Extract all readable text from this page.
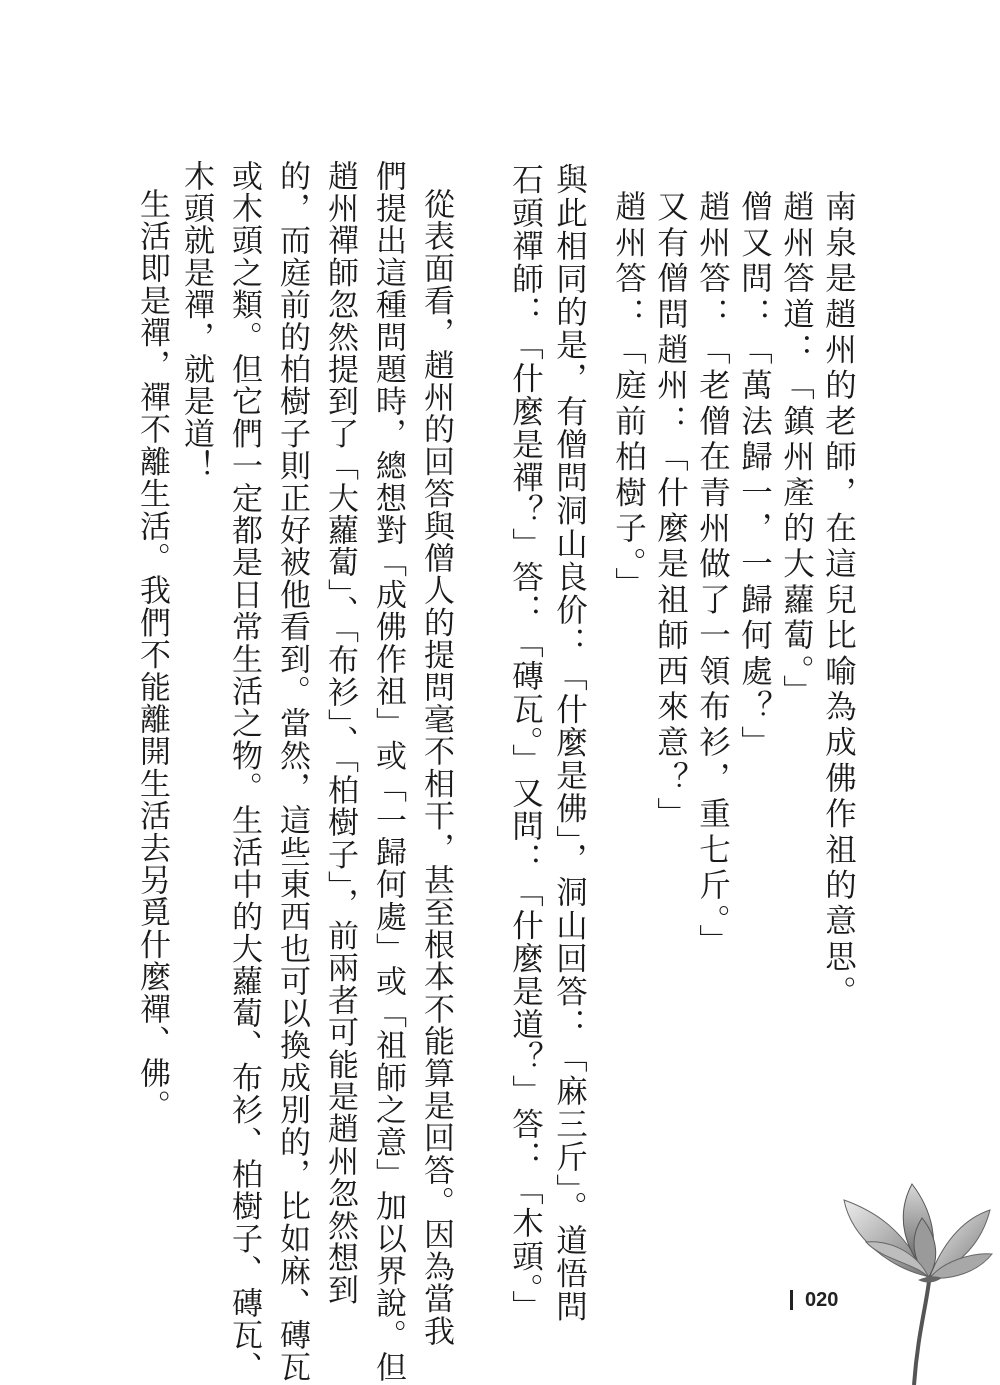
南泉是趙州的老師，在這兒比喻為成佛作祖的意思。
趙州答道：「鎮州產的大蘿蔔。」
僧又問：「萬法歸一，一歸何處？」
趙州答：「老僧在青州做了一領布衫，重七斤。」
又有僧問趙州：「什麼是祖師西來意？」
趙州答：「庭前柏樹子。」
與此相同的是，有僧問洞山良价：「什麼是佛」，洞山回答：「麻三斤」。道悟問
石頭禪師：「什麼是禪？」答：「磚瓦。」又問：「什麼是道？」答：「木頭。」
從表面看，趙州的回答與僧人的提問毫不相干，甚至根本不能算是回答。因為當我
們提出這種問題時，總想對「成佛作祖」或「一歸何處」或「祖師之意」加以界說。但
趙州禪師忽然提到了「大蘿蔔」、「布衫」、「柏樹子」，前兩者可能是趙州忽然想到
的，而庭前的柏樹子則正好被他看到。當然，這些東西也可以換成別的，比如麻、磚瓦
或木頭之類。但它們一定都是日常生活之物。生活中的大蘿蔔、布衫、柏樹子、磚瓦、
木頭就是禪，就是道！
生活即是禪，禪不離生活。我們不能離開生活去另覓什麼禪、佛。
020
